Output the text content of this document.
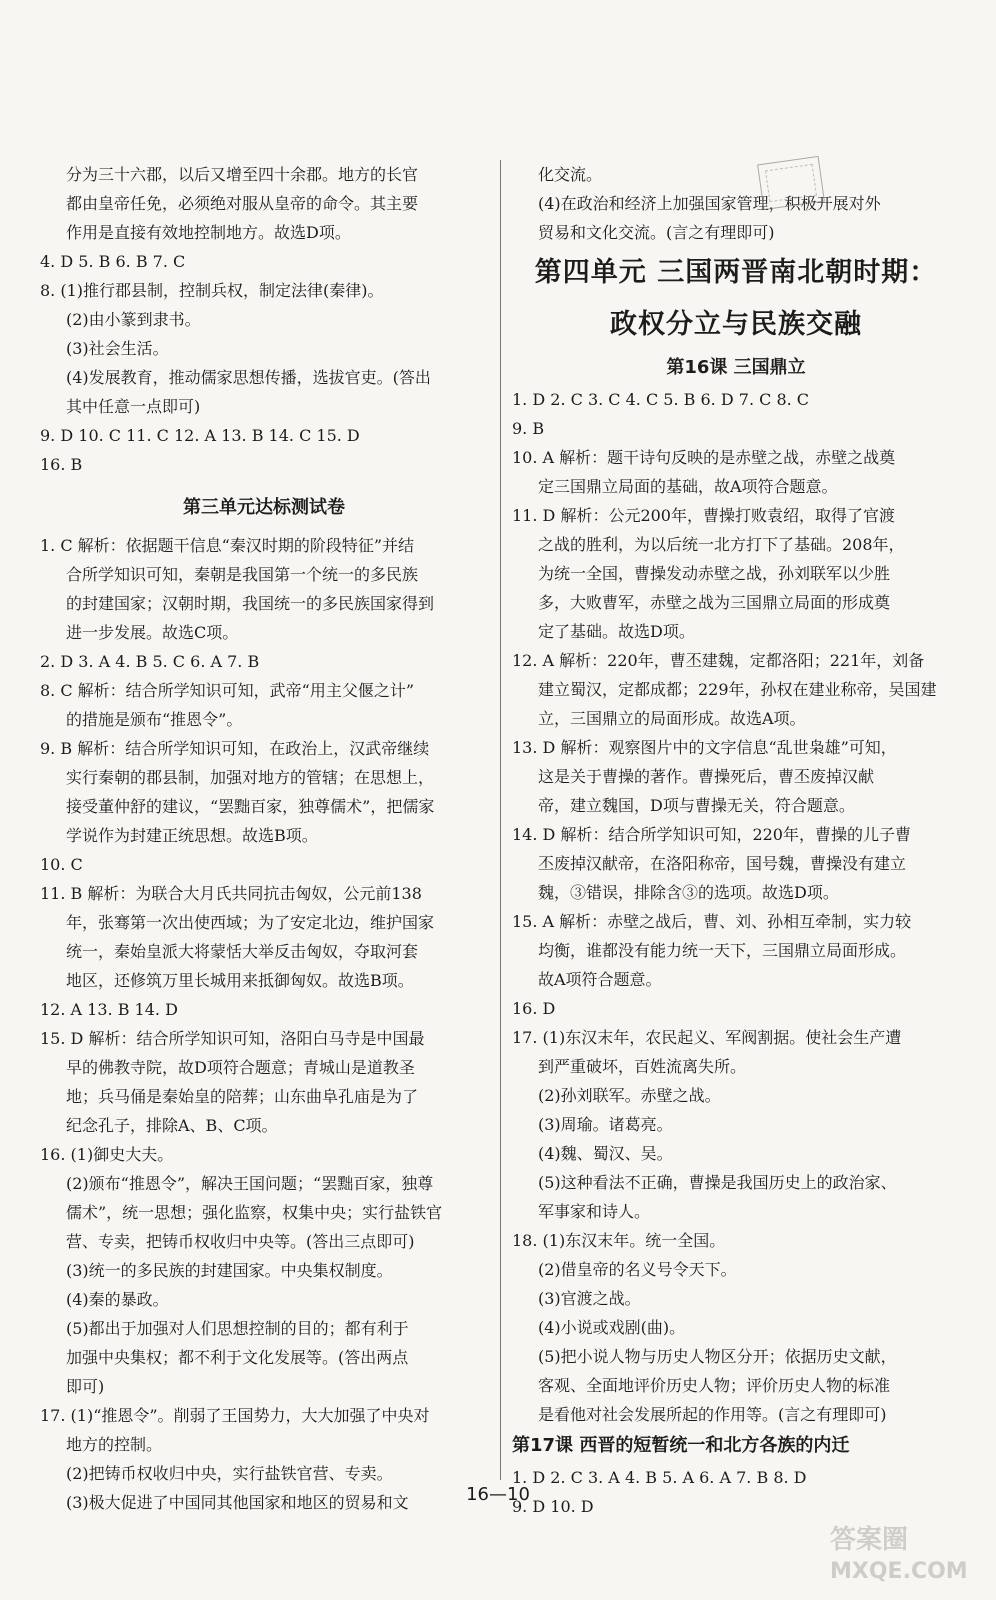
分为三十六郡，以后又增至四十余郡。地方的长官
都由皇帝任免，必须绝对服从皇帝的命令。其主要
作用是直接有效地控制地方。故选D项。
4. D 5. B 6. B 7. C
8. (1)推行郡县制，控制兵权，制定法律(秦律)。
(2)由小篆到隶书。
(3)社会生活。
(4)发展教育，推动儒家思想传播，选拔官吏。(答出
其中任意一点即可)
9. D 10. C 11. C 12. A 13. B 14. C 15. D
16. B
第三单元达标测试卷
1. C 解析：依据题干信息“秦汉时期的阶段特征”并结
合所学知识可知，秦朝是我国第一个统一的多民族
的封建国家；汉朝时期，我国统一的多民族国家得到
进一步发展。故选C项。
2. D 3. A 4. B 5. C 6. A 7. B
8. C 解析：结合所学知识可知，武帝“用主父偃之计”
的措施是颁布“推恩令”。
9. B 解析：结合所学知识可知，在政治上，汉武帝继续
实行秦朝的郡县制，加强对地方的管辖；在思想上，
接受董仲舒的建议，“罢黜百家，独尊儒术”，把儒家
学说作为封建正统思想。故选B项。
10. C
11. B 解析：为联合大月氏共同抗击匈奴，公元前138
年，张骞第一次出使西域；为了安定北边，维护国家
统一，秦始皇派大将蒙恬大举反击匈奴，夺取河套
地区，还修筑万里长城用来抵御匈奴。故选B项。
12. A 13. B 14. D
15. D 解析：结合所学知识可知，洛阳白马寺是中国最
早的佛教寺院，故D项符合题意；青城山是道教圣
地；兵马俑是秦始皇的陪葬；山东曲阜孔庙是为了
纪念孔子，排除A、B、C项。
16. (1)御史大夫。
(2)颁布“推恩令”，解决王国问题；“罢黜百家，独尊
儒术”，统一思想；强化监察，权集中央；实行盐铁官
营、专卖，把铸币权收归中央等。(答出三点即可)
(3)统一的多民族的封建国家。中央集权制度。
(4)秦的暴政。
(5)都出于加强对人们思想控制的目的；都有利于
加强中央集权；都不利于文化发展等。(答出两点
即可)
17. (1)“推恩令”。削弱了王国势力，大大加强了中央对
地方的控制。
(2)把铸币权收归中央，实行盐铁官营、专卖。
(3)极大促进了中国同其他国家和地区的贸易和文
化交流。
(4)在政治和经济上加强国家管理，积极开展对外
贸易和文化交流。(言之有理即可)
第四单元 三国两晋南北朝时期：
政权分立与民族交融
第16课 三国鼎立
1. D 2. C 3. C 4. C 5. B 6. D 7. C 8. C
9. B
10. A 解析：题干诗句反映的是赤壁之战，赤壁之战奠
定三国鼎立局面的基础，故A项符合题意。
11. D 解析：公元200年，曹操打败袁绍，取得了官渡
之战的胜利，为以后统一北方打下了基础。208年，
为统一全国，曹操发动赤壁之战，孙刘联军以少胜
多，大败曹军，赤壁之战为三国鼎立局面的形成奠
定了基础。故选D项。
12. A 解析：220年，曹丕建魏，定都洛阳；221年，刘备
建立蜀汉，定都成都；229年，孙权在建业称帝，吴国建
立，三国鼎立的局面形成。故选A项。
13. D 解析：观察图片中的文字信息“乱世枭雄”可知，
这是关于曹操的著作。曹操死后，曹丕废掉汉献
帝，建立魏国，D项与曹操无关，符合题意。
14. D 解析：结合所学知识可知，220年，曹操的儿子曹
丕废掉汉献帝，在洛阳称帝，国号魏，曹操没有建立
魏，③错误，排除含③的选项。故选D项。
15. A 解析：赤壁之战后，曹、刘、孙相互牵制，实力较
均衡，谁都没有能力统一天下，三国鼎立局面形成。
故A项符合题意。
16. D
17. (1)东汉末年，农民起义、军阀割据。使社会生产遭
到严重破坏，百姓流离失所。
(2)孙刘联军。赤壁之战。
(3)周瑜。诸葛亮。
(4)魏、蜀汉、吴。
(5)这种看法不正确，曹操是我国历史上的政治家、
军事家和诗人。
18. (1)东汉末年。统一全国。
(2)借皇帝的名义号令天下。
(3)官渡之战。
(4)小说或戏剧(曲)。
(5)把小说人物与历史人物区分开；依据历史文献，
客观、全面地评价历史人物；评价历史人物的标准
是看他对社会发展所起的作用等。(言之有理即可)
第17课 西晋的短暂统一和北方各族的内迁
1. D 2. C 3. A 4. B 5. A 6. A 7. B 8. D
9. D 10. D
16—10
答案圈
MXQE.COM
